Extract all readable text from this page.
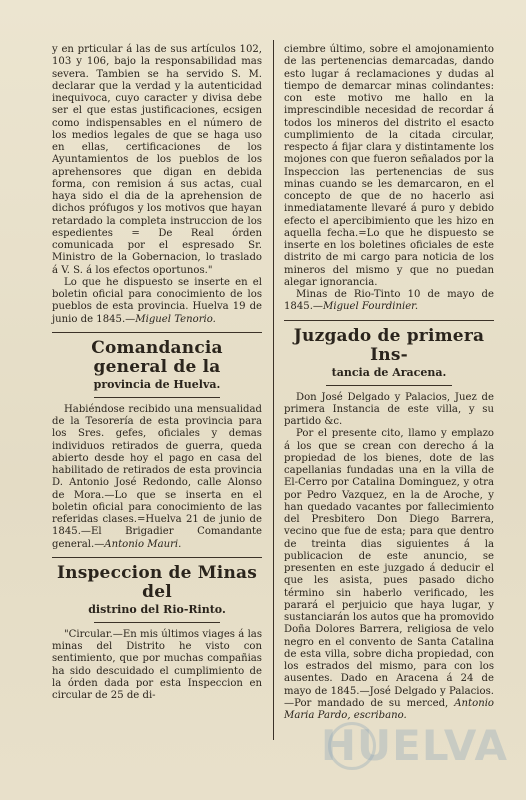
y en prticular á las de sus artículos 102, 103 y 106, bajo la responsabilidad mas severa. Tambien se ha servido S. M. declarar que la verdad y la autenticidad inequivoca, cuyo caracter y divisa debe ser el que estas justificaciones, ecsigen como indispensables en el número de los medios legales de que se haga uso en ellas, certificaciones de los Ayuntamientos de los pueblos de los aprehensores que digan en debida forma, con remision á sus actas, cual haya sido el dia de la aprehension de dichos prófugos y los motivos que hayan retardado la completa instruccion de los espedientes = De Real órden comunicada por el espresado Sr. Ministro de la Gobernacion, lo traslado á V. S. á los efectos oportunos."

Lo que he dispuesto se inserte en el boletin oficial para conocimiento de los pueblos de esta provincia. Huelva 19 de junio de 1845.—Miguel Tenorio.

Comandancia general de la
provincia de Huelva.

Habiéndose recibido una mensualidad de la Tesorería de esta provincia para los Sres. gefes, oficiales y demas individuos retirados de guerra, queda abierto desde hoy el pago en casa del habilitado de retirados de esta provincia D. Antonio José Redondo, calle Alonso de Mora.—Lo que se inserta en el boletin oficial para conocimiento de las referidas clases.=Huelva 21 de junio de 1845.—El Brigadier Comandante general.—Antonio Mauri.

Inspeccion de Minas del
distrino del Rio-Rinto.

"Circular.—En mis últimos viages á las minas del Distrito he visto con sentimiento, que por muchas compañias ha sido descuidado el cumplimiento de la órden dada por esta Inspeccion en circular de 25 de di-

ciembre último, sobre el amojonamiento de las pertenencias demarcadas, dando esto lugar á reclamaciones y dudas al tiempo de demarcar minas colindantes: con este motivo me hallo en la imprescindible necesidad de recordar á todos los mineros del distrito el esacto cumplimiento de la citada circular, respecto á fijar clara y distintamente los mojones con que fueron señalados por la Inspeccion las pertenencias de sus minas cuando se les demarcaron, en el concepto de que de no hacerlo asi inmediatamente llevaré á puro y debido efecto el apercibimiento que les hizo en aquella fecha.=Lo que he dispuesto se inserte en los boletines oficiales de este distrito de mi cargo para noticia de los mineros del mismo y que no puedan alegar ignorancia.

Minas de Rio-Tinto 10 de mayo de 1845.—Miguel Fourdinier.

Juzgado de primera Ins-
tancia de Aracena.

Don José Delgado y Palacios, Juez de primera Instancia de este villa, y su partido &c.

Por el presente cito, llamo y emplazo á los que se crean con derecho á la propiedad de los bienes, dote de las capellanias fundadas una en la villa de El-Cerro por Catalina Dominguez, y otra por Pedro Vazquez, en la de Aroche, y han quedado vacantes por fallecimiento del Presbitero Don Diego Barrera, vecino que fue de esta; para que dentro de treinta dias siguientes á la publicacion de este anuncio, se presenten en este juzgado á deducir el que les asista, pues pasado dicho término sin haberlo verificado, les parará el perjuicio que haya lugar, y sustanciarán los autos que ha promovido Doña Dolores Barrera, religiosa de velo negro en el convento de Santa Catalina de esta villa, sobre dicha propiedad, con los estrados del mismo, para con los ausentes. Dado en Aracena á 24 de mayo de 1845.—José Delgado y Palacios.—Por mandado de su merced, Antonio Maria Pardo, escribano.

HUELVA
